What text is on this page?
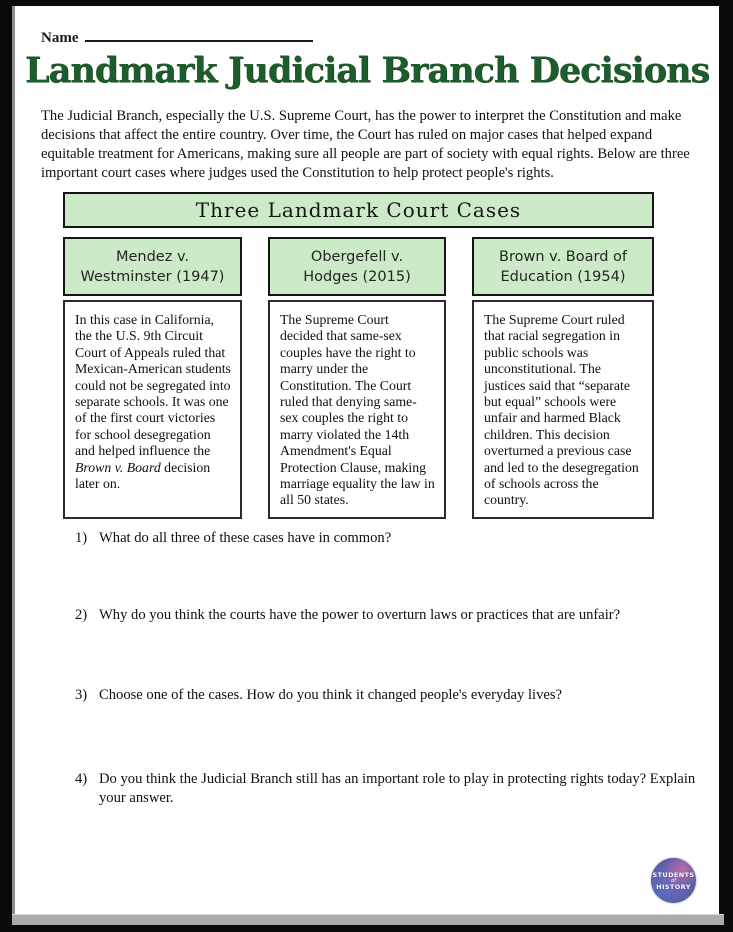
Name
Landmark Judicial Branch Decisions
The Judicial Branch, especially the U.S. Supreme Court, has the power to interpret the Constitution and make decisions that affect the entire country. Over time, the Court has ruled on major cases that helped expand equitable treatment for Americans, making sure all people are part of society with equal rights. Below are three important court cases where judges used the Constitution to help protect people's rights.
Three Landmark Court Cases
Mendez v.
Westminster (1947)
In this case in California, the the U.S. 9th Circuit Court of Appeals ruled that Mexican-American students could not be segregated into separate schools. It was one of the first court victories for school desegregation and helped influence the Brown v. Board decision later on.
Obergefell v.
Hodges (2015)
The Supreme Court decided that same-sex couples have the right to marry under the Constitution. The Court ruled that denying same-sex couples the right to marry violated the 14th Amendment's Equal Protection Clause, making marriage equality the law in all 50 states.
Brown v. Board of
Education (1954)
The Supreme Court ruled that racial segregation in public schools was unconstitutional. The justices said that “separate but equal” schools were unfair and harmed Black children. This decision overturned a previous case and led to the desegregation of schools across the country.
1) What do all three of these cases have in common?
2) Why do you think the courts have the power to overturn laws or practices that are unfair?
3) Choose one of the cases. How do you think it changed people's everyday lives?
4) Do you think the Judicial Branch still has an important role to play in protecting rights today? Explain your answer.
STUDENTS
of
HISTORY
